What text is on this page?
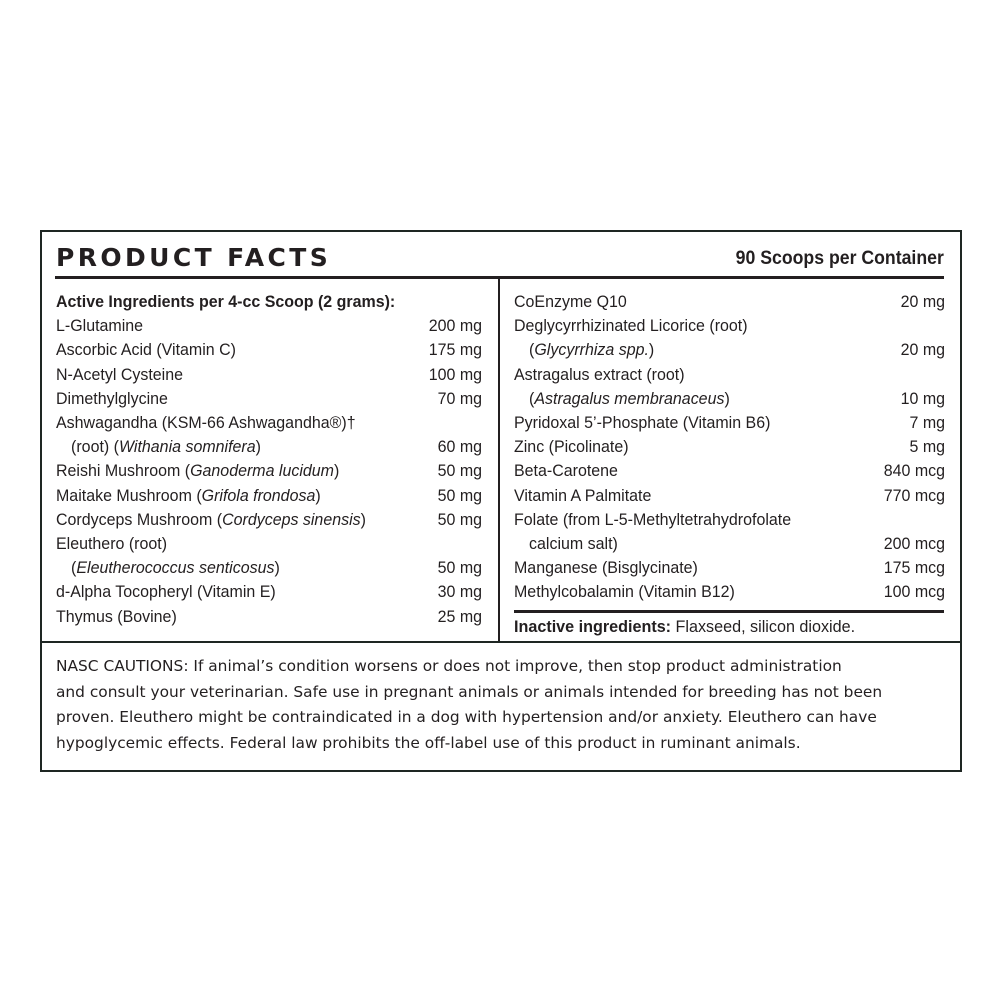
PRODUCT FACTS	90 Scoops per Container
Active Ingredients per 4-cc Scoop (2 grams):
L-Glutamine	200 mg
Ascorbic Acid (Vitamin C)	175 mg
N-Acetyl Cysteine	100 mg
Dimethylglycine	70 mg
Ashwagandha (KSM-66 Ashwagandha®)†
(root) (Withania somnifera)	60 mg
Reishi Mushroom (Ganoderma lucidum)	50 mg
Maitake Mushroom (Grifola frondosa)	50 mg
Cordyceps Mushroom (Cordyceps sinensis)	50 mg
Eleuthero (root)
(Eleutherococcus senticosus)	50 mg
d-Alpha Tocopheryl (Vitamin E)	30 mg
Thymus (Bovine)	25 mg
CoEnzyme Q10	20 mg
Deglycyrrhizinated Licorice (root)
(Glycyrrhiza spp.)	20 mg
Astragalus extract (root)
(Astragalus membranaceus)	10 mg
Pyridoxal 5’-Phosphate (Vitamin B6)	7 mg
Zinc (Picolinate)	5 mg
Beta-Carotene	840 mcg
Vitamin A Palmitate	770 mcg
Folate (from L-5-Methyltetrahydrofolate
calcium salt)	200 mcg
Manganese (Bisglycinate)	175 mcg
Methylcobalamin (Vitamin B12)	100 mcg
Inactive ingredients: Flaxseed, silicon dioxide.
NASC CAUTIONS: If animal’s condition worsens or does not improve, then stop product administration
and consult your veterinarian. Safe use in pregnant animals or animals intended for breeding has not been
proven. Eleuthero might be contraindicated in a dog with hypertension and/or anxiety. Eleuthero can have
hypoglycemic effects. Federal law prohibits the off-label use of this product in ruminant animals.
